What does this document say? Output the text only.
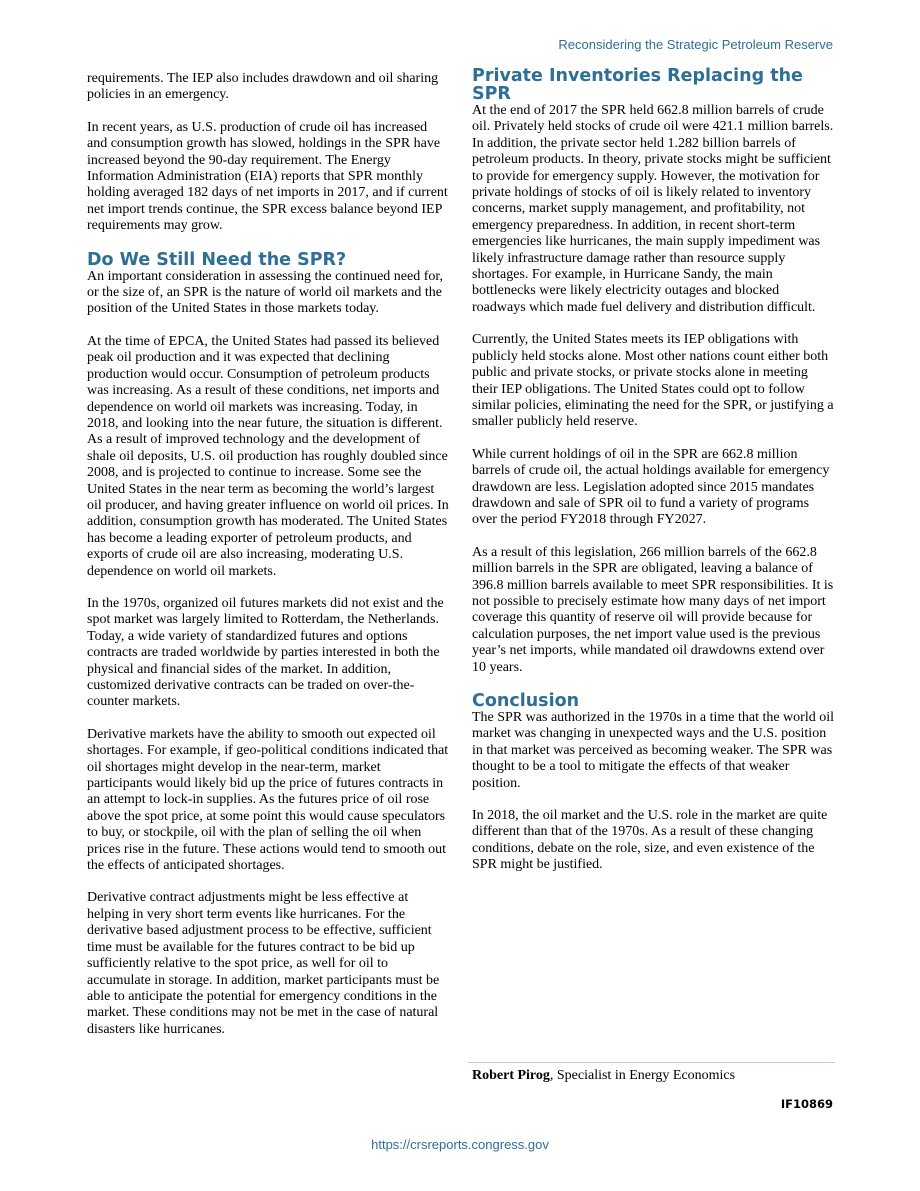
Reconsidering the Strategic Petroleum Reserve

requirements. The IEP also includes drawdown and oil sharing policies in an emergency.

In recent years, as U.S. production of crude oil has increased and consumption growth has slowed, holdings in the SPR have increased beyond the 90-day requirement. The Energy Information Administration (EIA) reports that SPR monthly holding averaged 182 days of net imports in 2017, and if current net import trends continue, the SPR excess balance beyond IEP requirements may grow.

Do We Still Need the SPR?

An important consideration in assessing the continued need for, or the size of, an SPR is the nature of world oil markets and the position of the United States in those markets today.

At the time of EPCA, the United States had passed its believed peak oil production and it was expected that declining production would occur. Consumption of petroleum products was increasing. As a result of these conditions, net imports and dependence on world oil markets was increasing. Today, in 2018, and looking into the near future, the situation is different. As a result of improved technology and the development of shale oil deposits, U.S. oil production has roughly doubled since 2008, and is projected to continue to increase. Some see the United States in the near term as becoming the world’s largest oil producer, and having greater influence on world oil prices. In addition, consumption growth has moderated. The United States has become a leading exporter of petroleum products, and exports of crude oil are also increasing, moderating U.S. dependence on world oil markets.

In the 1970s, organized oil futures markets did not exist and the spot market was largely limited to Rotterdam, the Netherlands. Today, a wide variety of standardized futures and options contracts are traded worldwide by parties interested in both the physical and financial sides of the market. In addition, customized derivative contracts can be traded on over-the-counter markets.

Derivative markets have the ability to smooth out expected oil shortages. For example, if geo-political conditions indicated that oil shortages might develop in the near-term, market participants would likely bid up the price of futures contracts in an attempt to lock-in supplies. As the futures price of oil rose above the spot price, at some point this would cause speculators to buy, or stockpile, oil with the plan of selling the oil when prices rise in the future. These actions would tend to smooth out the effects of anticipated shortages.

Derivative contract adjustments might be less effective at helping in very short term events like hurricanes. For the derivative based adjustment process to be effective, sufficient time must be available for the futures contract to be bid up sufficiently relative to the spot price, as well for oil to accumulate in storage. In addition, market participants must be able to anticipate the potential for emergency conditions in the market. These conditions may not be met in the case of natural disasters like hurricanes.

Private Inventories Replacing the SPR

At the end of 2017 the SPR held 662.8 million barrels of crude oil. Privately held stocks of crude oil were 421.1 million barrels. In addition, the private sector held 1.282 billion barrels of petroleum products. In theory, private stocks might be sufficient to provide for emergency supply. However, the motivation for private holdings of stocks of oil is likely related to inventory concerns, market supply management, and profitability, not emergency preparedness. In addition, in recent short-term emergencies like hurricanes, the main supply impediment was likely infrastructure damage rather than resource supply shortages. For example, in Hurricane Sandy, the main bottlenecks were likely electricity outages and blocked roadways which made fuel delivery and distribution difficult.

Currently, the United States meets its IEP obligations with publicly held stocks alone. Most other nations count either both public and private stocks, or private stocks alone in meeting their IEP obligations. The United States could opt to follow similar policies, eliminating the need for the SPR, or justifying a smaller publicly held reserve.

While current holdings of oil in the SPR are 662.8 million barrels of crude oil, the actual holdings available for emergency drawdown are less. Legislation adopted since 2015 mandates drawdown and sale of SPR oil to fund a variety of programs over the period FY2018 through FY2027.

As a result of this legislation, 266 million barrels of the 662.8 million barrels in the SPR are obligated, leaving a balance of 396.8 million barrels available to meet SPR responsibilities. It is not possible to precisely estimate how many days of net import coverage this quantity of reserve oil will provide because for calculation purposes, the net import value used is the previous year’s net imports, while mandated oil drawdowns extend over 10 years.

Conclusion

The SPR was authorized in the 1970s in a time that the world oil market was changing in unexpected ways and the U.S. position in that market was perceived as becoming weaker. The SPR was thought to be a tool to mitigate the effects of that weaker position.

In 2018, the oil market and the U.S. role in the market are quite different than that of the 1970s. As a result of these changing conditions, debate on the role, size, and even existence of the SPR might be justified.

Robert Pirog, Specialist in Energy Economics
IF10869
https://crsreports.congress.gov
